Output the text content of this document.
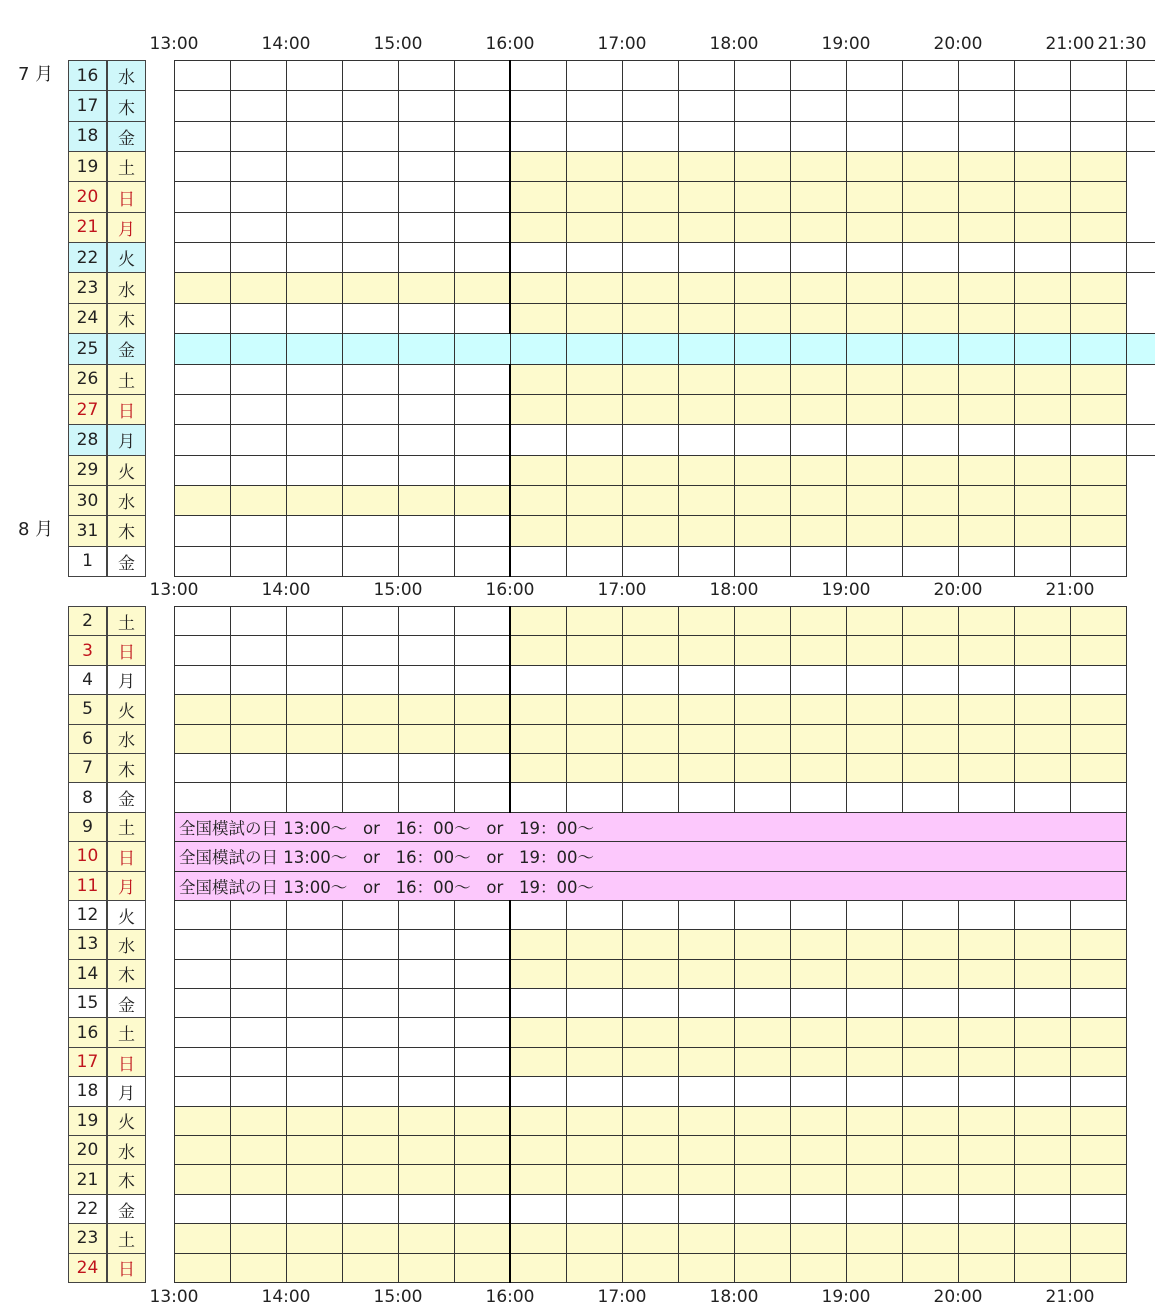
13:00	14:00	15:00	16:00	17:00	18:00	19:00	20:00	21:00 21:30
13:00	14:00	15:00	16:00	17:00	18:00	19:00	20:00	21:00
7 月
8 月
16	水
17	木
18	金
19	土
20	日
21	月
22	火
23	水
24	木
25	金
26	土
27	日
28	月
29	火
30	水
31	木
1	金
13:00	14:00	15:00	16:00	17:00	18:00	19:00	20:00	21:00
2	土
3	日
4	月
5	火
6	水
7	木
8	金
9	土	全国模試の日 13:00～   or   16：00～   or   19：00～
10	日	全国模試の日 13:00～   or   16：00～   or   19：00～
11	月	全国模試の日 13:00～   or   16：00～   or   19：00～
12	火
13	水
14	木
15	金
16	土
17	日
18	月
19	火
20	水
21	木
22	金
23	土
24	日
